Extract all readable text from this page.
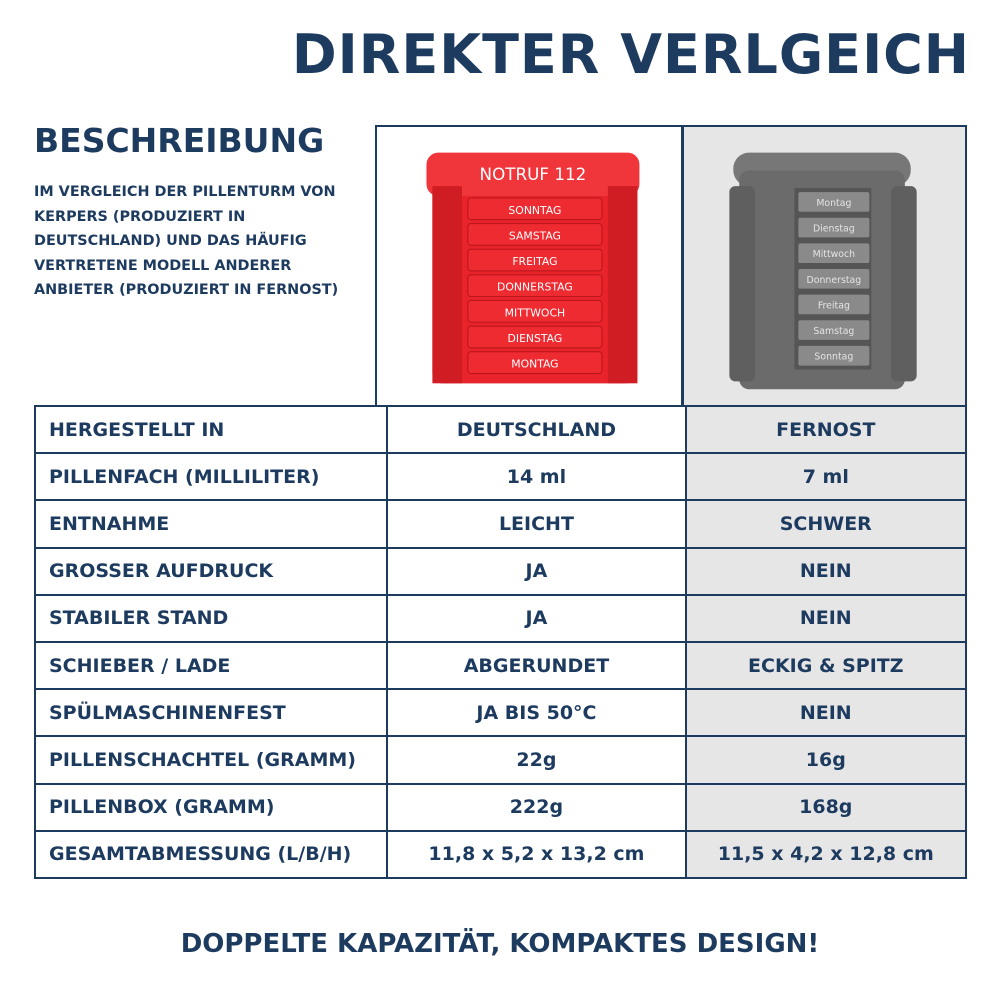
DIREKTER VERLGEICH
BESCHREIBUNG

IM VERGLEICH DER PILLENTURM VON KERPERS (PRODUZIERT IN DEUTSCHLAND) UND DAS HÄUFIG VERTRETENE MODELL ANDERER ANBIETER (PRODUZIERT IN FERNOST)

NOTRUF 112
SONNTAG
SAMSTAG
FREITAG
DONNERSTAG
MITTWOCH
DIENSTAG
MONTAG
Montag
Dienstag
Mittwoch
Donnerstag
Freitag
Samstag
Sonntag
HERGESTELLT IN	DEUTSCHLAND	FERNOST
PILLENFACH (MILLILITER)	14 ml	7 ml
ENTNAHME	LEICHT	SCHWER
GROSSER AUFDRUCK	JA	NEIN
STABILER STAND	JA	NEIN
SCHIEBER / LADE	ABGERUNDET	ECKIG & SPITZ
SPÜLMASCHINENFEST	JA BIS 50°C	NEIN
PILLENSCHACHTEL (GRAMM)	22g	16g
PILLENBOX (GRAMM)	222g	168g
GESAMTABMESSUNG (L/B/H)	11,8 x 5,2 x 13,2 cm	11,5 x 4,2 x 12,8 cm

DOPPELTE KAPAZITÄT, KOMPAKTES DESIGN!
